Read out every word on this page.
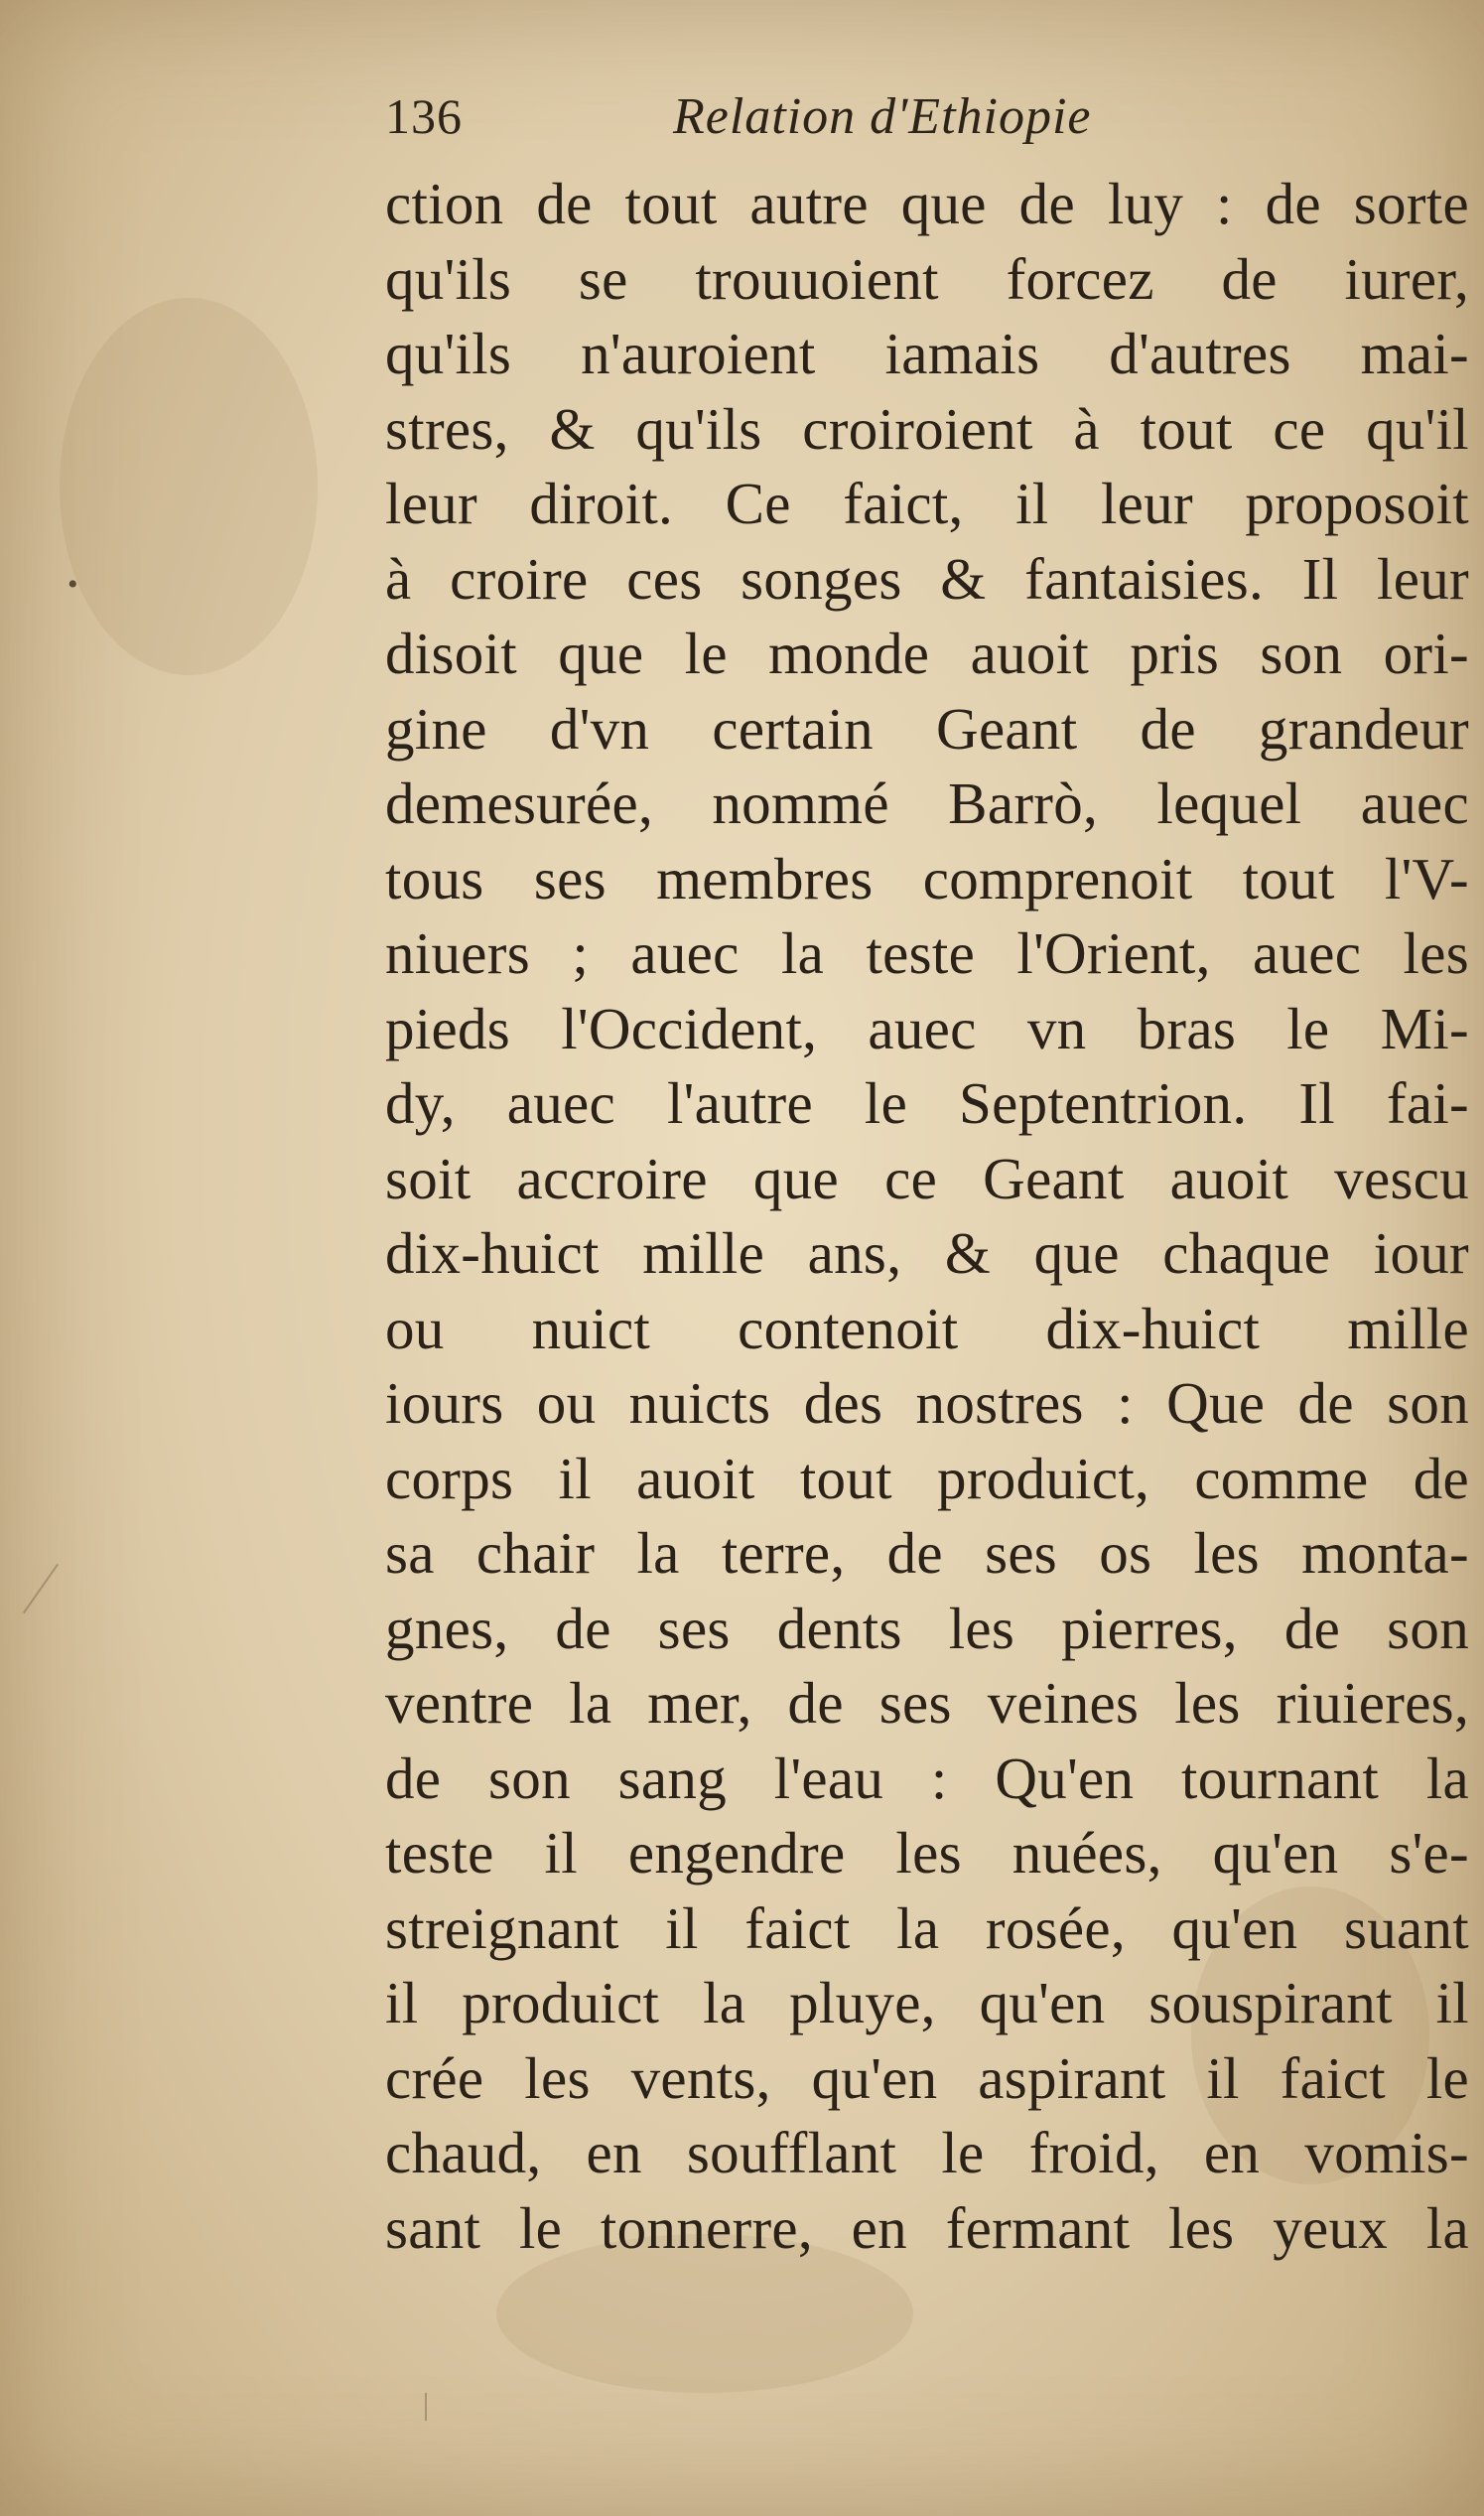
•
136	Relation d'Ethiopie
ction de tout autre que de luy : de sorte
qu'ils se trouuoient forcez de iurer,
qu'ils n'auroient iamais d'autres mai-
stres, & qu'ils croiroient à tout ce qu'il
leur diroit. Ce faict, il leur proposoit
à croire ces songes & fantaisies. Il leur
disoit que le monde auoit pris son ori-
gine d'vn certain Geant de grandeur
demesurée, nommé Barrò, lequel auec
tous ses membres comprenoit tout l'V-
niuers ; auec la teste l'Orient, auec les
pieds l'Occident, auec vn bras le Mi-
dy, auec l'autre le Septentrion. Il fai-
soit accroire que ce Geant auoit vescu
dix-huict mille ans, & que chaque iour
ou nuict contenoit dix-huict mille
iours ou nuicts des nostres : Que de son
corps il auoit tout produict, comme de
sa chair la terre, de ses os les monta-
gnes, de ses dents les pierres, de son
ventre la mer, de ses veines les riuieres,
de son sang l'eau : Qu'en tournant la
teste il engendre les nuées, qu'en s'e-
streignant il faict la rosée, qu'en suant
il produict la pluye, qu'en souspirant il
crée les vents, qu'en aspirant il faict le
chaud, en soufflant le froid, en vomis-
sant le tonnerre, en fermant les yeux la
